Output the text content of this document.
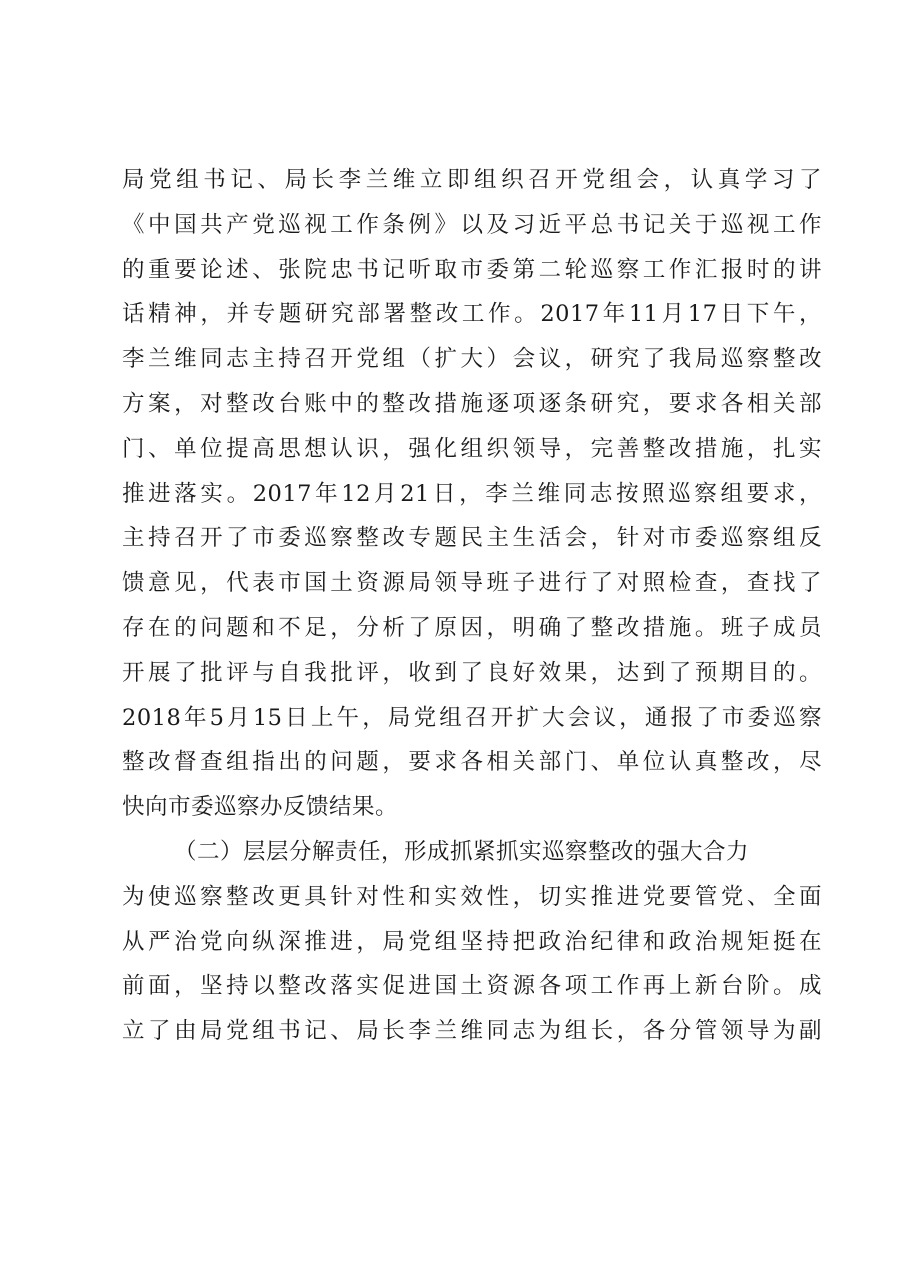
局党组书记、局长李兰维立即组织召开党组会，认真学习了
《中国共产党巡视工作条例》以及习近平总书记关于巡视工作
的重要论述、张院忠书记听取市委第二轮巡察工作汇报时的讲
话精神，并专题研究部署整改工作。2017年11月17日下午，
李兰维同志主持召开党组（扩大）会议，研究了我局巡察整改
方案，对整改台账中的整改措施逐项逐条研究，要求各相关部
门、单位提高思想认识，强化组织领导，完善整改措施，扎实
推进落实。2017年12月21日，李兰维同志按照巡察组要求，
主持召开了市委巡察整改专题民主生活会，针对市委巡察组反
馈意见，代表市国土资源局领导班子进行了对照检查，查找了
存在的问题和不足，分析了原因，明确了整改措施。班子成员
开展了批评与自我批评，收到了良好效果，达到了预期目的。
2018年5月15日上午，局党组召开扩大会议，通报了市委巡察
整改督查组指出的问题，要求各相关部门、单位认真整改，尽
快向市委巡察办反馈结果。
（二）层层分解责任，形成抓紧抓实巡察整改的强大合力
为使巡察整改更具针对性和实效性，切实推进党要管党、全面
从严治党向纵深推进，局党组坚持把政治纪律和政治规矩挺在
前面，坚持以整改落实促进国土资源各项工作再上新台阶。成
立了由局党组书记、局长李兰维同志为组长，各分管领导为副
